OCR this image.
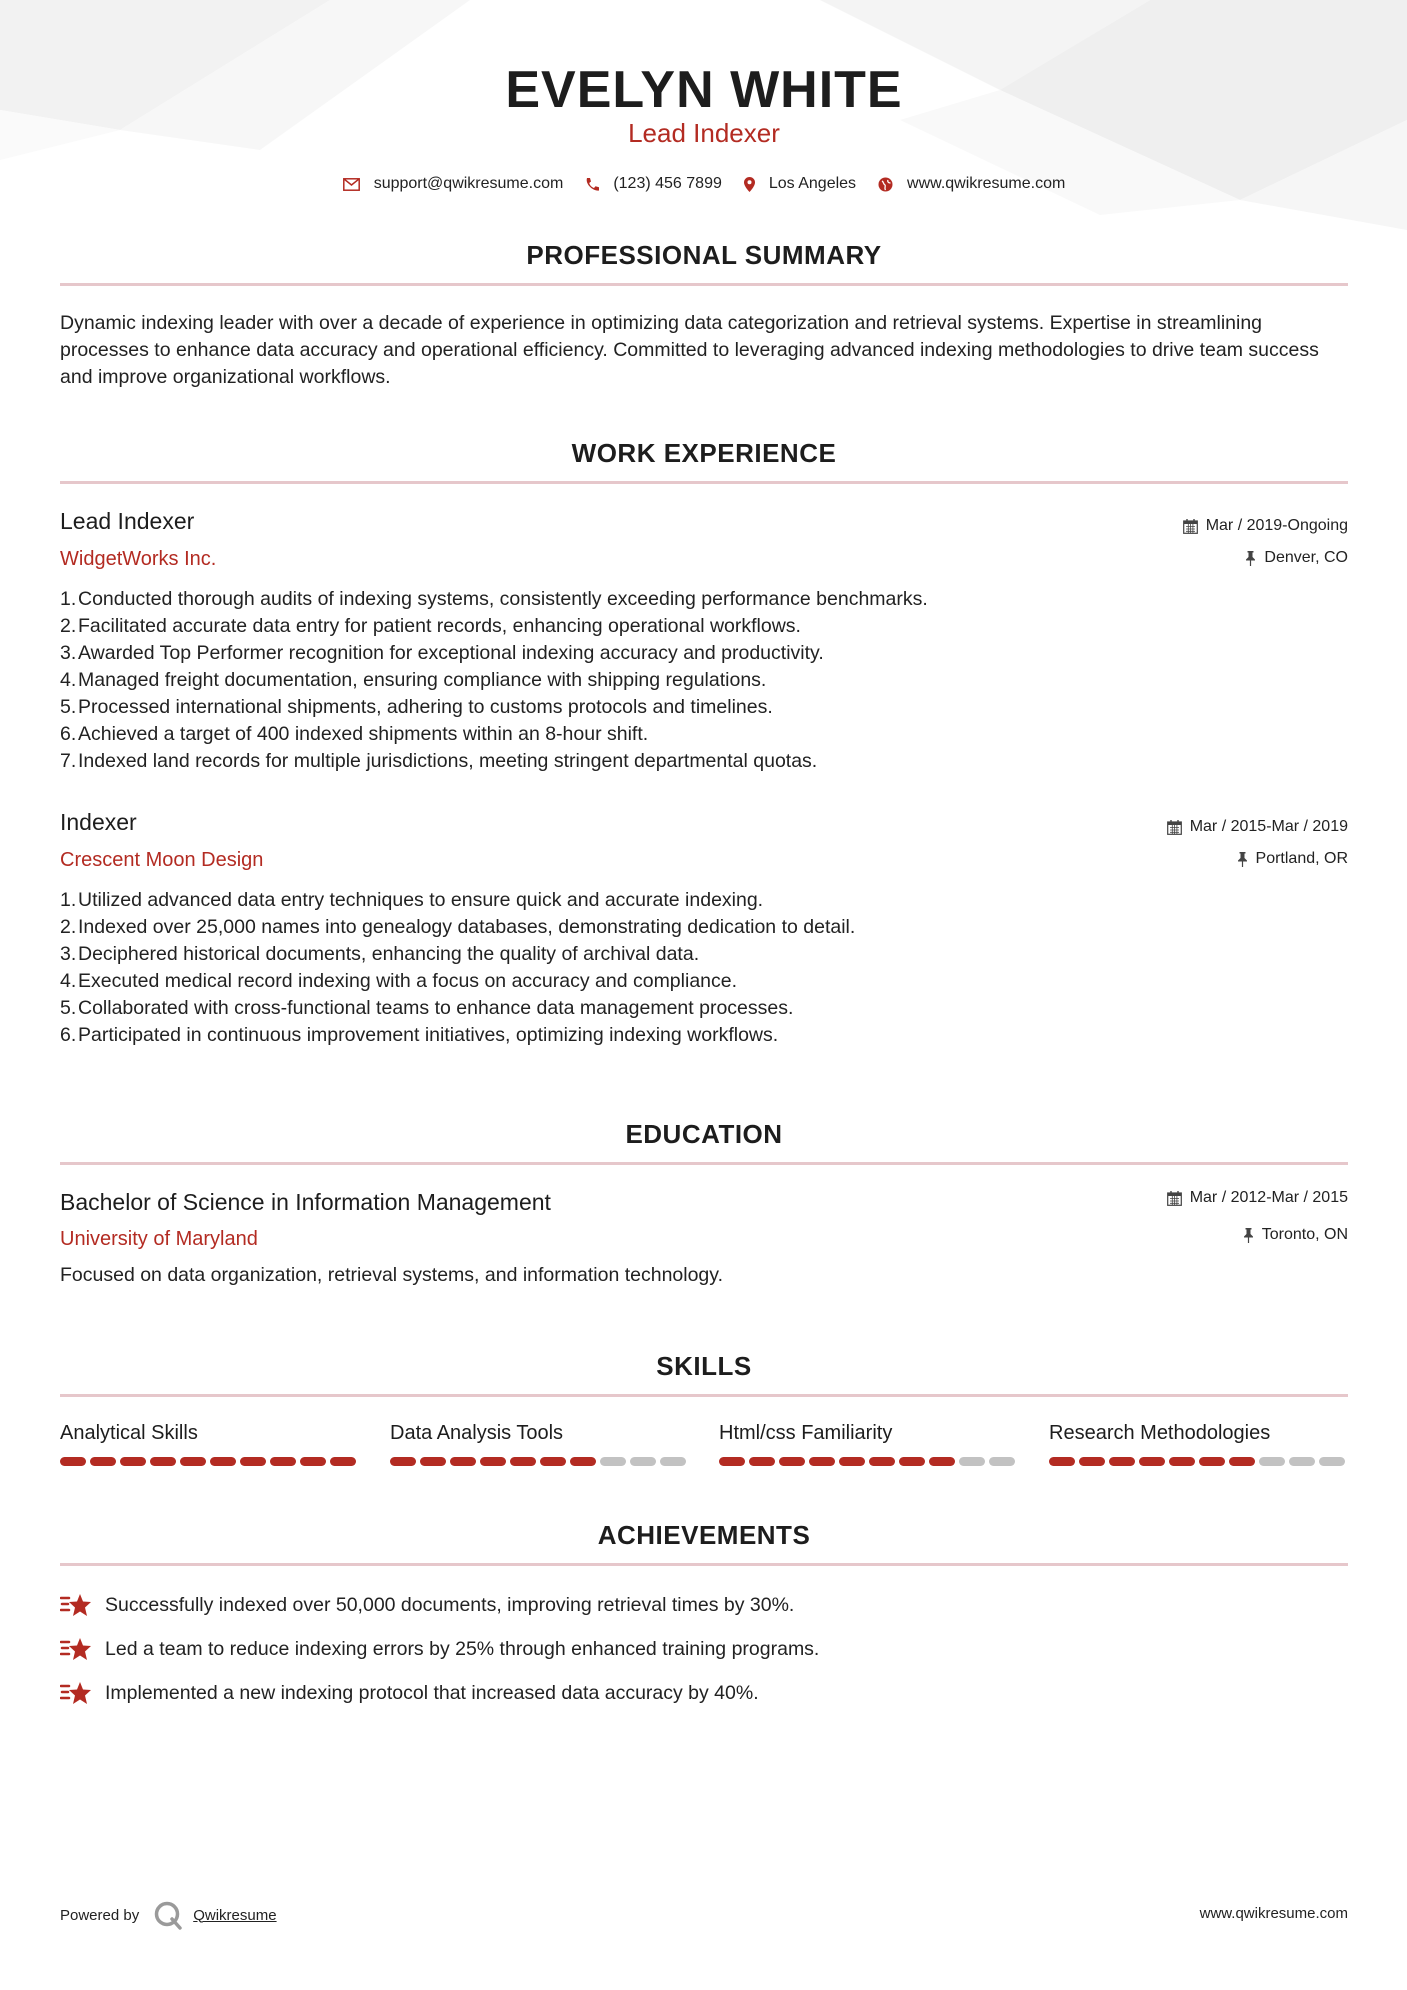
EVELYN WHITE
Lead Indexer
support@qwikresume.com	(123) 456 7899	Los Angeles	www.qwikresume.com
PROFESSIONAL SUMMARY
Dynamic indexing leader with over a decade of experience in optimizing data categorization and retrieval systems. Expertise in streamlining processes to enhance data accuracy and operational efficiency. Committed to leveraging advanced indexing methodologies to drive team success and improve organizational workflows.
WORK EXPERIENCE
Lead Indexer
WidgetWorks Inc.
Mar / 2019-Ongoing
Denver, CO
1.Conducted thorough audits of indexing systems, consistently exceeding performance benchmarks.
2.Facilitated accurate data entry for patient records, enhancing operational workflows.
3.Awarded Top Performer recognition for exceptional indexing accuracy and productivity.
4.Managed freight documentation, ensuring compliance with shipping regulations.
5.Processed international shipments, adhering to customs protocols and timelines.
6.Achieved a target of 400 indexed shipments within an 8-hour shift.
7.Indexed land records for multiple jurisdictions, meeting stringent departmental quotas.
Indexer
Crescent Moon Design
Mar / 2015-Mar / 2019
Portland, OR
1.Utilized advanced data entry techniques to ensure quick and accurate indexing.
2.Indexed over 25,000 names into genealogy databases, demonstrating dedication to detail.
3.Deciphered historical documents, enhancing the quality of archival data.
4.Executed medical record indexing with a focus on accuracy and compliance.
5.Collaborated with cross-functional teams to enhance data management processes.
6.Participated in continuous improvement initiatives, optimizing indexing workflows.
EDUCATION
Bachelor of Science in Information Management
University of Maryland
Mar / 2012-Mar / 2015
Toronto, ON
Focused on data organization, retrieval systems, and information technology.
SKILLS
Analytical Skills	Data Analysis Tools	Html/css Familiarity	Research Methodologies
ACHIEVEMENTS
Successfully indexed over 50,000 documents, improving retrieval times by 30%.
Led a team to reduce indexing errors by 25% through enhanced training programs.
Implemented a new indexing protocol that increased data accuracy by 40%.
Powered by	Qwikresume	www.qwikresume.com
